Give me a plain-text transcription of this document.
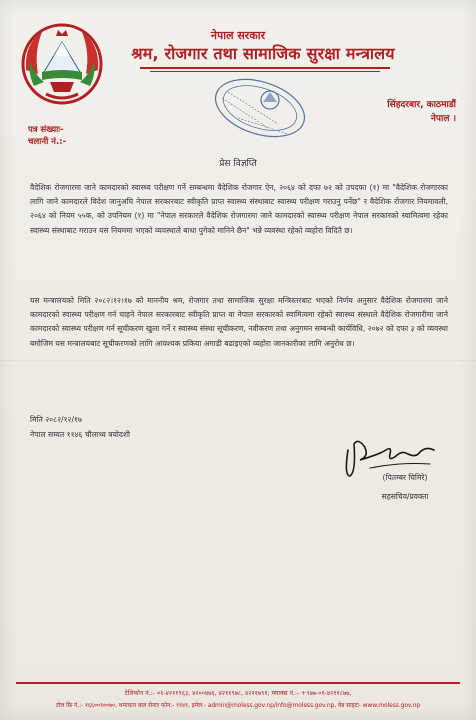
नेपाल सरकार
श्रम, रोजगार तथा सामाजिक सुरक्षा मन्त्रालय
पत्र संख्याः-
चलानी नं.:-
सिंहदरबार, काठमाडौं
नेपाल ।
प्रेस विज्ञप्ति
वैदेशिक रोजगारमा जाने कामदारको स्वास्थ्य परीक्षण गर्ने सम्बन्धमा वैदेशिक रोजगार ऐन, २०६४ को दफा ७२ को उपदफा (१) मा "वैदेशिक रोजगारका लागि जाने कामदारले विदेश जानुअघि नेपाल सरकारबाट स्वीकृति प्राप्त स्वास्थ्य संस्थाबाट स्वास्थ्य परीक्षण गराउनु पर्नेछ" र वैदेशिक रोजगार नियमावली, २०६४ को नियम ५५क, को उपनियम (१) मा "नेपाल सरकारले वैदेशिक रोजगारमा जाने कामदारको स्वास्थ्य परीक्षण नेपाल सरकारको स्वामित्वमा रहेका स्वास्थ्य संस्थाबाट गराउन यस नियममा भएको व्यवस्थाले बाधा पुगेको मानिने छैन" भन्ने व्यवस्था रहेको व्यहोरा विदितै छ।
यस मन्त्रालयको मिति २०८२।१२।१७ को माननीय श्रम, रोजगार तथा सामाजिक सुरक्षा मन्त्रिस्तरबाट भएको निर्णय अनुसार वैदेशिक रोजगारमा जाने कामदारको स्वास्थ्य परीक्षण गर्न चाहने नेपाल सरकारबाट स्वीकृति प्राप्त वा नेपाल सरकारको स्वामित्वमा रहेको स्वास्थ्य संस्थाले वैदेशिक रोजगारीमा जाने कामदारको स्वास्थ्य परीक्षण गर्न सूचीकरण खुला गर्ने र स्वास्थ्य संस्था सूचीकरण, नवीकरण तथा अनुगमन सम्बन्धी कार्यविधि, २०७२ को दफा ३ को व्यवस्था बमोजिम यस मन्त्रालयबाट सूचीकरणको लागि आवश्यक प्रकिया अगाडी बढाइएको व्यहोरा जानकारीका लागि अनुरोध छ।
मिति २०८२/१२/१७
नेपाल सम्वत ११४६ चौलाथ्व त्रयोदशी
(पितम्बर घिमिरे)
सहसचिव/प्रवक्ता
टेलिफोन नं.:- ०१-४२११९६३, ४२००४७६, ४२११९७८, ४२११७९१, फ्याक्स नं.:- +९७७-०१-४२११८७७,
टोल फ्रि नं.:- १६६००१००७०, थमाचान कल सेन्टर फोन:- ११४१, इमेल:- admin@moless.gov.np/info@moless.gov.np, वेब साइटः- www.moless.gov.np
